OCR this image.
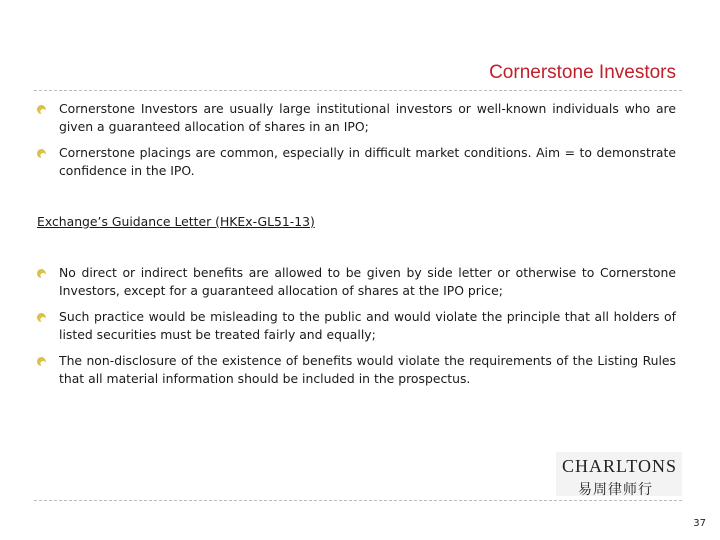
Cornerstone Investors
Cornerstone Investors are usually large institutional investors or well-known individuals who are given a guaranteed allocation of shares in an IPO;
Cornerstone placings are common, especially in difficult market conditions. Aim = to demonstrate confidence in the IPO.
Exchange’s Guidance Letter (HKEx-GL51-13)
No direct or indirect benefits are allowed to be given by side letter or otherwise to Cornerstone Investors, except for a guaranteed allocation of shares at the IPO price;
Such practice would be misleading to the public and would violate the principle that all holders of listed securities must be treated fairly and equally;
The non-disclosure of the existence of benefits would violate the requirements of the Listing Rules that all material information should be included in the prospectus.
CHARLTONS
易周律师行
37
